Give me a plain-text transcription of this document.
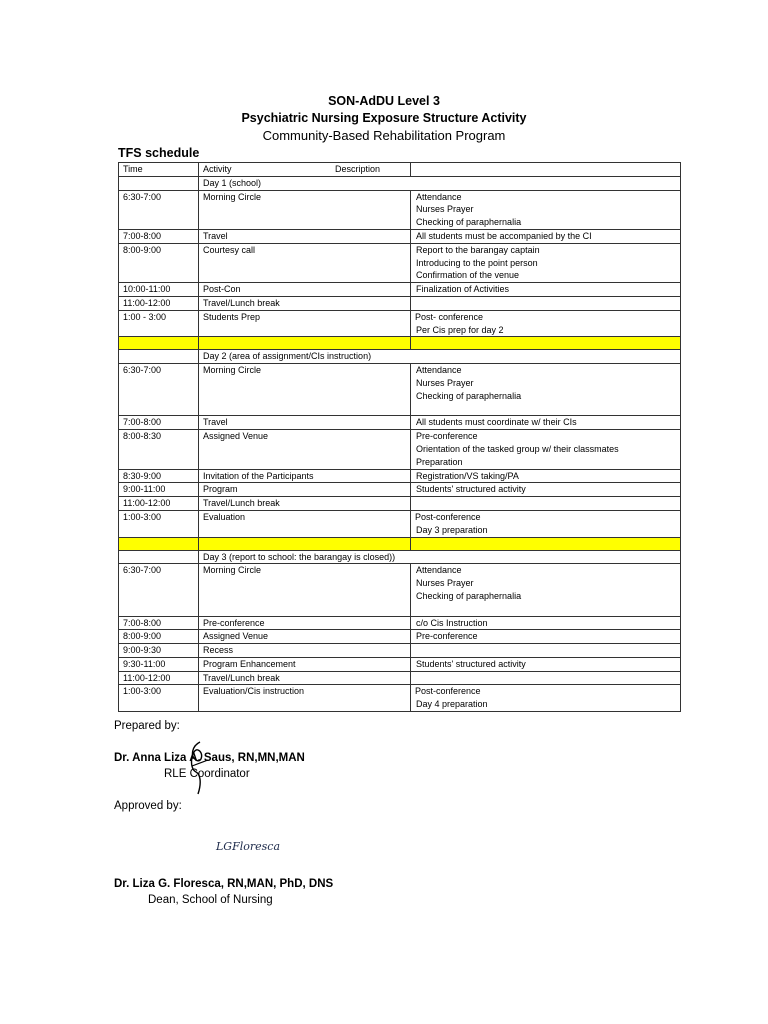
SON-AdDU Level 3
Psychiatric Nursing Exposure Structure Activity
Community-Based Rehabilitation Program
TFS schedule
Time	Activity	Description
	Day 1 (school)	
6:30-7:00	Morning Circle	Attendance
Nurses Prayer
Checking of paraphernalia

7:00-8:00	Travel	All students must be accompanied by the CI

8:00-9:00	Courtesy call	Report to the barangay captain
Introducing to the point person
Confirmation of the venue

10:00-11:00	Post-Con	Finalization of Activities

11:00-12:00	Travel/Lunch break	

1:00 - 3:00	Students Prep	Post- conference
Per Cis prep for day 2

	Day 2 (area of assignment/CIs instruction)	
6:30-7:00	Morning Circle	Attendance
Nurses Prayer
Checking of paraphernalia

7:00-8:00	Travel	All students must coordinate w/ their CIs

8:00-8:30	Assigned Venue	Pre-conference
Orientation of the tasked group w/ their classmates
Preparation

8:30-9:00	Invitation of the Participants	Registration/VS taking/PA

9:00-11:00	Program	Students' structured activity

11:00-12:00	Travel/Lunch break	

1:00-3:00	Evaluation	Post-conference
Day 3 preparation

	Day 3 (report to school: the barangay is closed))	
6:30-7:00	Morning Circle	Attendance
Nurses Prayer
Checking of paraphernalia

7:00-8:00	Pre-conference	c/o Cis Instruction

8:00-9:00	Assigned Venue	Pre-conference

9:00-9:30	Recess	

9:30-11:00	Program Enhancement	Students' structured activity

11:00-12:00	Travel/Lunch break	

1:00-3:00	Evaluation/Cis instruction	Post-conference
Day 4 preparation
Prepared by:
Dr. Anna Liza A. Saus, RN,MN,MAN
RLE Coordinator
Approved by:
LGFloresca
Dr. Liza G. Floresca, RN,MAN, PhD, DNS
Dean, School of Nursing
